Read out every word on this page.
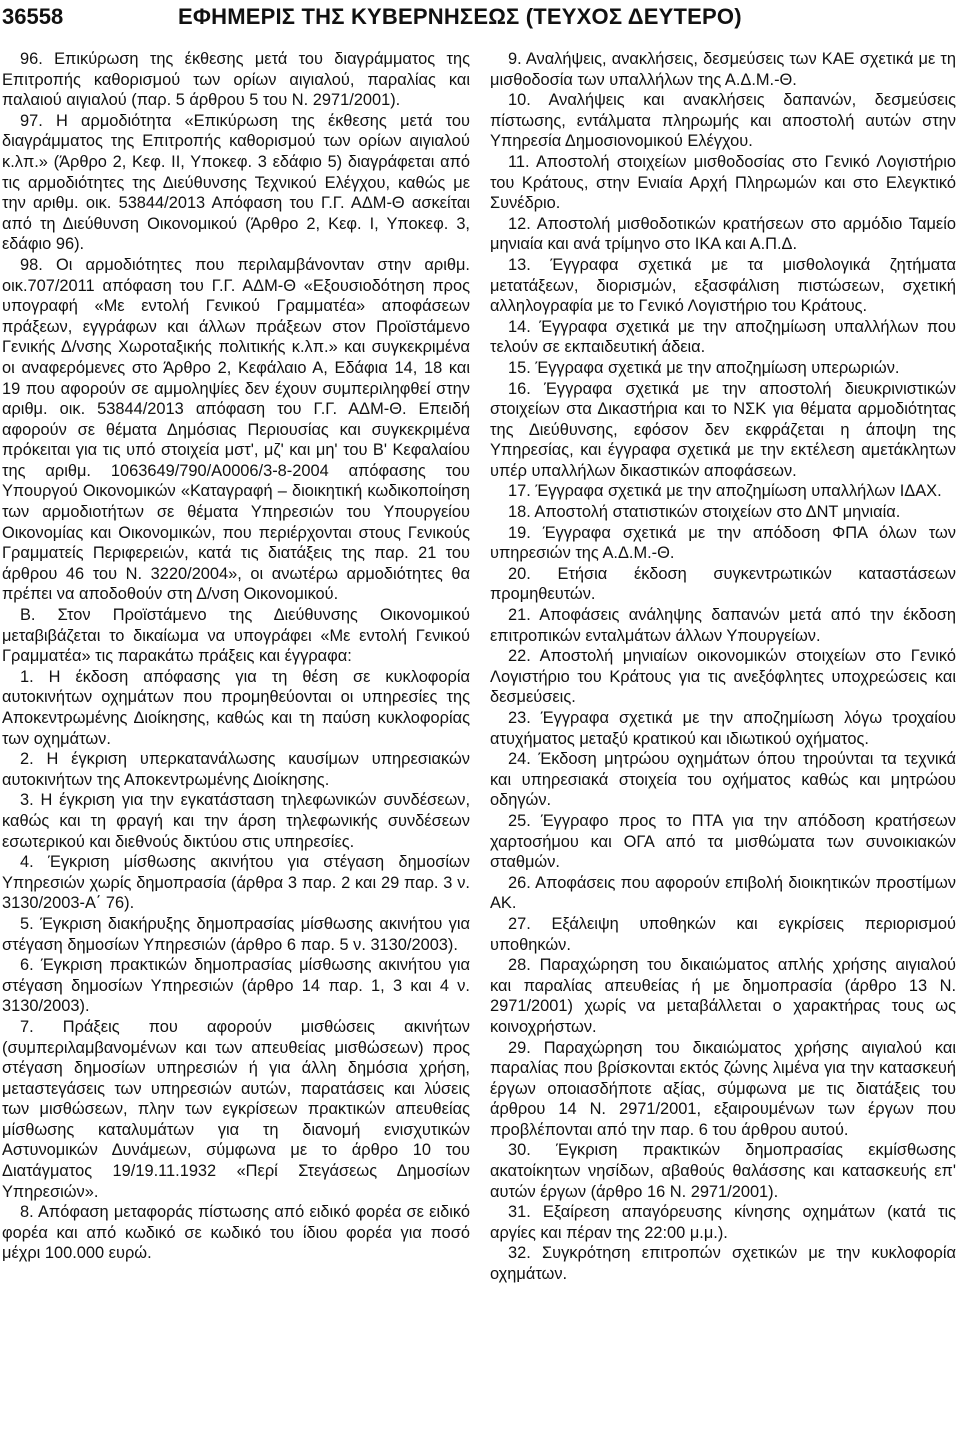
36558	ΕΦΗΜΕΡΙΣ ΤΗΣ ΚΥΒΕΡΝΗΣΕΩΣ (ΤΕΥΧΟΣ ΔΕΥΤΕΡΟ)

96. Επικύρωση της έκθεσης μετά του διαγράμματος της Επιτροπής καθορισμού των ορίων αιγιαλού, παραλίας και παλαιού αιγιαλού (παρ. 5 άρθρου 5 του Ν. 2971/2001).

97. Η αρμοδιότητα «Επικύρωση της έκθεσης μετά του διαγράμματος της Επιτροπής καθορισμού των ορίων αιγιαλού κ.λπ.» (Άρθρο 2, Κεφ. ΙΙ, Υποκεφ. 3 εδάφιο 5) διαγράφεται από τις αρμοδιότητες της Διεύθυνσης Τεχνικού Ελέγχου, καθώς με την αριθμ. οικ. 53844/2013 Απόφαση του Γ.Γ. ΑΔΜ-Θ ασκείται από τη Διεύθυνση Οικονομικού (Άρθρο 2, Κεφ. Ι, Υποκεφ. 3, εδάφιο 96).

98. Οι αρμοδιότητες που περιλαμβάνονταν στην αριθμ. οικ.707/2011 απόφαση του Γ.Γ. ΑΔΜ-Θ «Εξουσιοδότηση προς υπογραφή «Με εντολή Γενικού Γραμματέα» αποφάσεων πράξεων, εγγράφων και άλλων πράξεων στον Προϊστάμενο Γενικής Δ/νσης Χωροταξικής πολιτικής κ.λπ.» και συγκεκριμένα οι αναφερόμενες στο Άρθρο 2, Κεφάλαιο Α, Εδάφια 14, 18 και 19 που αφορούν σε αμμοληψίες δεν έχουν συμπεριληφθεί στην αριθμ. οικ. 53844/2013 απόφαση του Γ.Γ. ΑΔΜ-Θ. Επειδή αφορούν σε θέματα Δημόσιας Περιουσίας και συγκεκριμένα πρόκειται για τις υπό στοιχεία μστ', μζ' και μη' του Β' Κεφαλαίου της αριθμ. 1063649/790/Α0006/3-8-2004 απόφασης του Υπουργού Οικονομικών «Καταγραφή – διοικητική κωδικοποίηση των αρμοδιοτήτων σε θέματα Υπηρεσιών του Υπουργείου Οικονομίας και Οικονομικών, που περιέρχονται στους Γενικούς Γραμματείς Περιφερειών, κατά τις διατάξεις της παρ. 21 του άρθρου 46 του Ν. 3220/2004», οι ανωτέρω αρμοδιότητες θα πρέπει να αποδοθούν στη Δ/νση Οικονομικού.

Β. Στον Προϊστάμενο της Διεύθυνσης Οικονομικού μεταβιβάζεται το δικαίωμα να υπογράφει «Με εντολή Γενικού Γραμματέα» τις παρακάτω πράξεις και έγγραφα:

1. Η έκδοση απόφασης για τη θέση σε κυκλοφορία αυτοκινήτων οχημάτων που προμηθεύονται οι υπηρεσίες της Αποκεντρωμένης Διοίκησης, καθώς και τη παύση κυκλοφορίας των οχημάτων.

2. Η έγκριση υπερκατανάλωσης καυσίμων υπηρεσιακών αυτοκινήτων της Αποκεντρωμένης Διοίκησης.

3. Η έγκριση για την εγκατάσταση τηλεφωνικών συνδέσεων, καθώς και τη φραγή και την άρση τηλεφωνικής συνδέσεων εσωτερικού και διεθνούς δικτύου στις υπηρεσίες.

4. Έγκριση μίσθωσης ακινήτου για στέγαση δημοσίων Υπηρεσιών χωρίς δημοπρασία (άρθρα 3 παρ. 2 και 29 παρ. 3 ν. 3130/2003-Α΄ 76).

5. Έγκριση διακήρυξης δημοπρασίας μίσθωσης ακινήτου για στέγαση δημοσίων Υπηρεσιών (άρθρο 6 παρ. 5 ν. 3130/2003).

6. Έγκριση πρακτικών δημοπρασίας μίσθωσης ακινήτου για στέγαση δημοσίων Υπηρεσιών (άρθρο 14 παρ. 1, 3 και 4 ν. 3130/2003).

7. Πράξεις που αφορούν μισθώσεις ακινήτων (συμπεριλαμβανομένων και των απευθείας μισθώσεων) προς στέγαση δημοσίων υπηρεσιών ή για άλλη δημόσια χρήση, μεταστεγάσεις των υπηρεσιών αυτών, παρατάσεις και λύσεις των μισθώσεων, πλην των εγκρίσεων πρακτικών απευθείας μίσθωσης καταλυμάτων για τη διανομή ενισχυτικών Αστυνομικών Δυνάμεων, σύμφωνα με το άρθρο 10 του Διατάγματος 19/19.11.1932 «Περί Στεγάσεως Δημοσίων Υπηρεσιών».

8. Απόφαση μεταφοράς πίστωσης από ειδικό φορέα σε ειδικό φορέα και από κωδικό σε κωδικό του ίδιου φορέα για ποσό μέχρι 100.000 ευρώ.

9. Αναλήψεις, ανακλήσεις, δεσμεύσεις των ΚΑΕ σχετικά με τη μισθοδοσία των υπαλλήλων της Α.Δ.Μ.-Θ.

10. Αναλήψεις και ανακλήσεις δαπανών, δεσμεύσεις πίστωσης, εντάλματα πληρωμής και αποστολή αυτών στην Υπηρεσία Δημοσιονομικού Ελέγχου.

11. Αποστολή στοιχείων μισθοδοσίας στο Γενικό Λογιστήριο του Κράτους, στην Ενιαία Αρχή Πληρωμών και στο Ελεγκτικό Συνέδριο.

12. Αποστολή μισθοδοτικών κρατήσεων στο αρμόδιο Ταμείο μηνιαία και ανά τρίμηνο στο ΙΚΑ και Α.Π.Δ.

13. Έγγραφα σχετικά με τα μισθολογικά ζητήματα μετατάξεων, διορισμών, εξασφάλιση πιστώσεων, σχετική αλληλογραφία με το Γενικό Λογιστήριο του Κράτους.

14. Έγγραφα σχετικά με την αποζημίωση υπαλλήλων που τελούν σε εκπαιδευτική άδεια.

15. Έγγραφα σχετικά με την αποζημίωση υπερωριών.

16. Έγγραφα σχετικά με την αποστολή διευκρινιστικών στοιχείων στα Δικαστήρια και το ΝΣΚ για θέματα αρμοδιότητας της Διεύθυνσης, εφόσον δεν εκφράζεται η άποψη της Υπηρεσίας, και έγγραφα σχετικά με την εκτέλεση αμετάκλητων υπέρ υπαλλήλων δικαστικών αποφάσεων.

17. Έγγραφα σχετικά με την αποζημίωση υπαλλήλων ΙΔΑΧ.

18. Αποστολή στατιστικών στοιχείων στο ΔΝΤ μηνιαία.

19. Έγγραφα σχετικά με την απόδοση ΦΠΑ όλων των υπηρεσιών της Α.Δ.Μ.-Θ.

20. Ετήσια έκδοση συγκεντρωτικών καταστάσεων προμηθευτών.

21. Αποφάσεις ανάληψης δαπανών μετά από την έκδοση επιτροπικών ενταλμάτων άλλων Υπουργείων.

22. Αποστολή μηνιαίων οικονομικών στοιχείων στο Γενικό Λογιστήριο του Κράτους για τις ανεξόφλητες υποχρεώσεις και δεσμεύσεις.

23. Έγγραφα σχετικά με την αποζημίωση λόγω τροχαίου ατυχήματος μεταξύ κρατικού και ιδιωτικού οχήματος.

24. Έκδοση μητρώου οχημάτων όπου τηρούνται τα τεχνικά και υπηρεσιακά στοιχεία του οχήματος καθώς και μητρώου οδηγών.

25. Έγγραφο προς το ΠΤΑ για την απόδοση κρατήσεων χαρτοσήμου και ΟΓΑ από τα μισθώματα των συνοικιακών σταθμών.

26. Αποφάσεις που αφορούν επιβολή διοικητικών προστίμων ΑΚ.

27. Εξάλειψη υποθηκών και εγκρίσεις περιορισμού υποθηκών.

28. Παραχώρηση του δικαιώματος απλής χρήσης αιγιαλού και παραλίας απευθείας ή με δημοπρασία (άρθρο 13 Ν. 2971/2001) χωρίς να μεταβάλλεται ο χαρακτήρας τους ως κοινοχρήστων.

29. Παραχώρηση του δικαιώματος χρήσης αιγιαλού και παραλίας που βρίσκονται εκτός ζώνης λιμένα για την κατασκευή έργων οποιασδήποτε αξίας, σύμφωνα με τις διατάξεις του άρθρου 14 Ν. 2971/2001, εξαιρουμένων των έργων που προβλέπονται από την παρ. 6 του άρθρου αυτού.

30. Έγκριση πρακτικών δημοπρασίας εκμίσθωσης ακατοίκητων νησίδων, αβαθούς θαλάσσης και κατασκευής επ' αυτών έργων (άρθρο 16 Ν. 2971/2001).

31. Εξαίρεση απαγόρευσης κίνησης οχημάτων (κατά τις αργίες και πέραν της 22:00 μ.μ.).

32. Συγκρότηση επιτροπών σχετικών με την κυκλοφορία οχημάτων.
